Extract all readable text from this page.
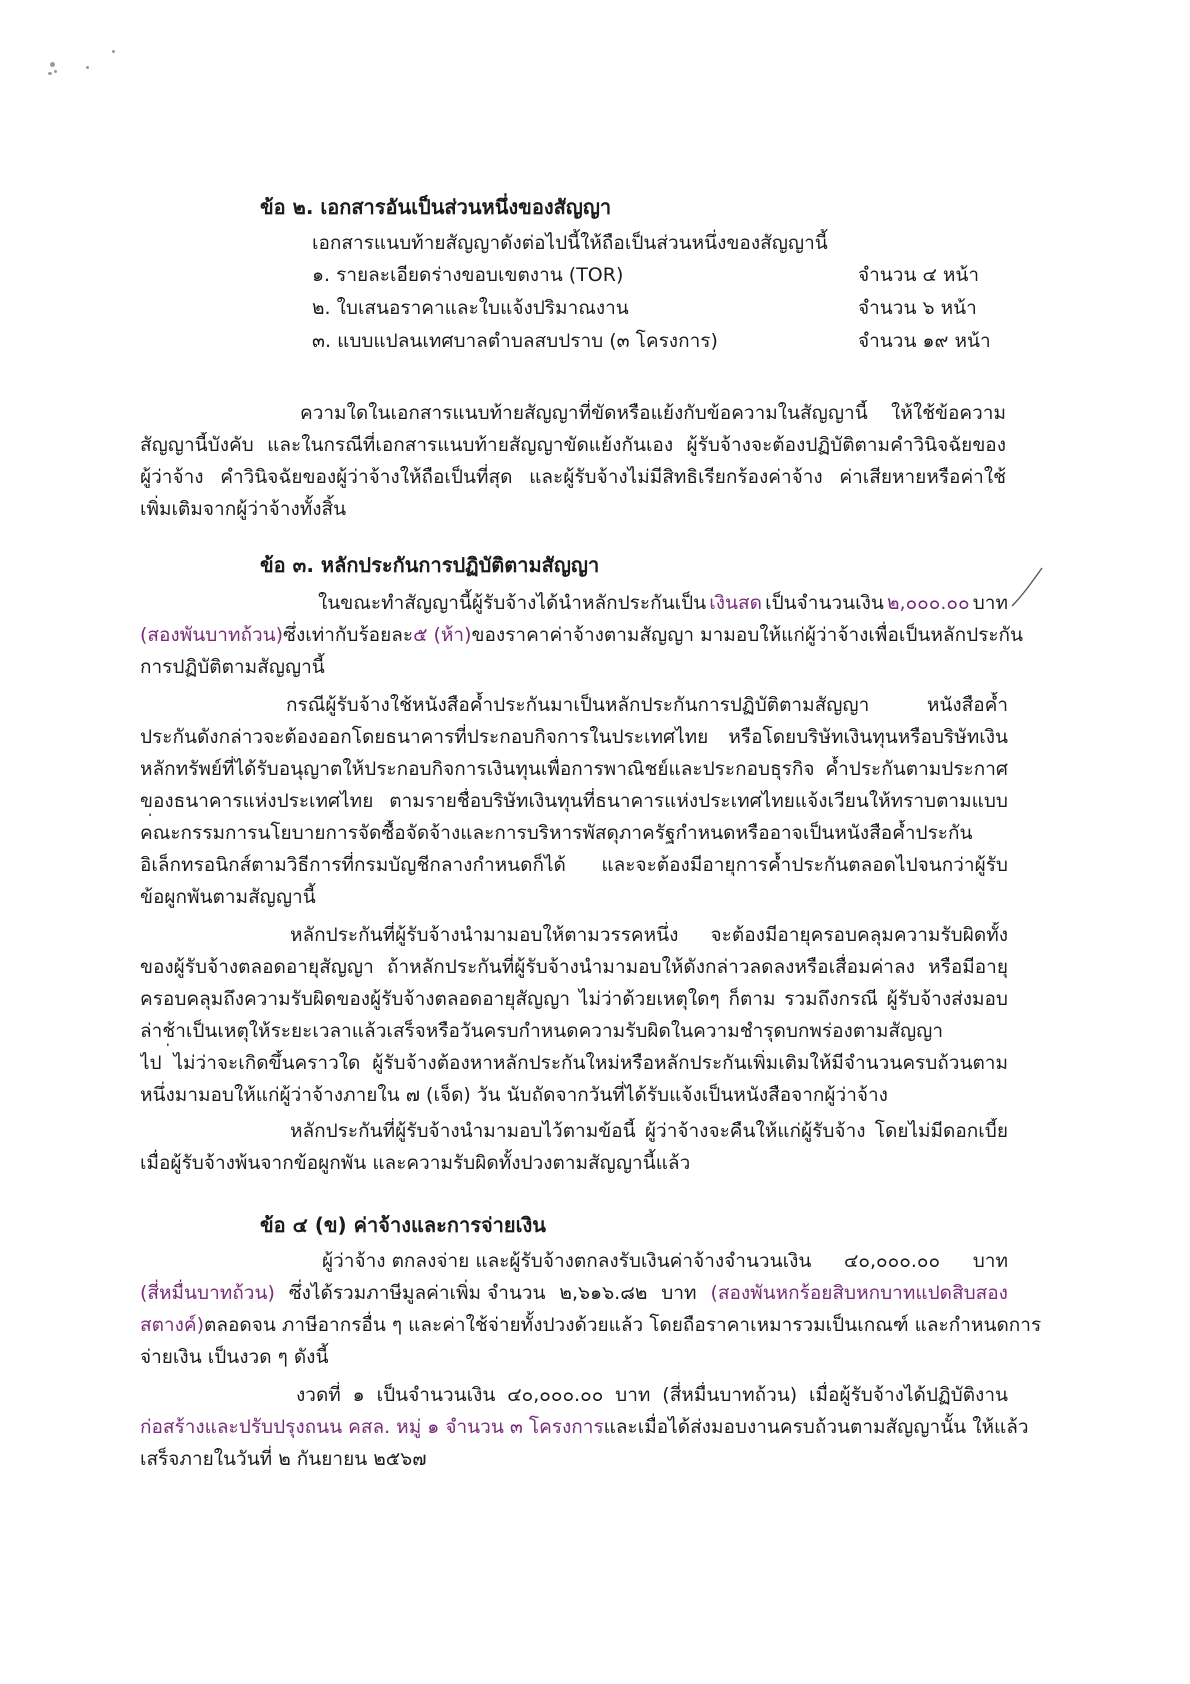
ข้อ ๒. เอกสารอันเป็นส่วนหนึ่งของสัญญา
เอกสารแนบท้ายสัญญาดังต่อไปนี้ให้ถือเป็นส่วนหนึ่งของสัญญานี้
๑. รายละเอียดร่างขอบเขตงาน (TOR)	จำนวน ๔ หน้า
๒. ใบเสนอราคาและใบแจ้งปริมาณงาน	จำนวน ๖ หน้า
๓. แบบแปลนเทศบาลตำบลสบปราบ (๓ โครงการ)	จำนวน ๑๙ หน้า
ความใดในเอกสารแนบท้ายสัญญาที่ขัดหรือแย้งกับข้อความในสัญญานี้ ให้ใช้ข้อความ
สัญญานี้บังคับ และในกรณีที่เอกสารแนบท้ายสัญญาขัดแย้งกันเอง ผู้รับจ้างจะต้องปฏิบัติตามคำวินิจฉัยของ
ผู้ว่าจ้าง คำวินิจฉัยของผู้ว่าจ้างให้ถือเป็นที่สุด และผู้รับจ้างไม่มีสิทธิเรียกร้องค่าจ้าง ค่าเสียหายหรือค่าใช้
เพิ่มเติมจากผู้ว่าจ้างทั้งสิ้น
ข้อ ๓. หลักประกันการปฏิบัติตามสัญญา
ในขณะทำสัญญานี้ผู้รับจ้างได้นำหลักประกันเป็น เงินสด เป็นจำนวนเงิน ๒,๐๐๐.๐๐ บาท
(สองพันบาทถ้วน) ซึ่งเท่ากับร้อยละ ๕ (ห้า) ของราคาค่าจ้างตามสัญญา มามอบให้แก่ผู้ว่าจ้างเพื่อเป็นหลักประกัน
การปฏิบัติตามสัญญานี้
กรณีผู้รับจ้างใช้หนังสือค้ำประกันมาเป็นหลักประกันการปฏิบัติตามสัญญา หนังสือค้ำ
ประกันดังกล่าวจะต้องออกโดยธนาคารที่ประกอบกิจการในประเทศไทย หรือโดยบริษัทเงินทุนหรือบริษัทเงิน
หลักทรัพย์ที่ได้รับอนุญาตให้ประกอบกิจการเงินทุนเพื่อการพาณิชย์และประกอบธุรกิจ ค้ำประกันตามประกาศ
ของธนาคารแห่งประเทศไทย ตามรายชื่อบริษัทเงินทุนที่ธนาคารแห่งประเทศไทยแจ้งเวียนให้ทราบตามแบบ
คณะกรรมการนโยบายการจัดซื้อจัดจ้างและการบริหารพัสดุภาครัฐกำหนดหรืออาจเป็นหนังสือค้ำประกัน
อิเล็กทรอนิกส์ตามวิธีการที่กรมบัญชีกลางกำหนดก็ได้ และจะต้องมีอายุการค้ำประกันตลอดไปจนกว่าผู้รับ
ข้อผูกพันตามสัญญานี้
หลักประกันที่ผู้รับจ้างนำมามอบให้ตามวรรคหนึ่ง จะต้องมีอายุครอบคลุมความรับผิดทั้ง
ของผู้รับจ้างตลอดอายุสัญญา ถ้าหลักประกันที่ผู้รับจ้างนำมามอบให้ดังกล่าวลดลงหรือเสื่อมค่าลง หรือมีอายุ
ครอบคลุมถึงความรับผิดของผู้รับจ้างตลอดอายุสัญญา ไม่ว่าด้วยเหตุใดๆ ก็ตาม รวมถึงกรณี ผู้รับจ้างส่งมอบ
ล่าช้าเป็นเหตุให้ระยะเวลาแล้วเสร็จหรือวันครบกำหนดความรับผิดในความชำรุดบกพร่องตามสัญญา
ไป ไม่ว่าจะเกิดขึ้นคราวใด ผู้รับจ้างต้องหาหลักประกันใหม่หรือหลักประกันเพิ่มเติมให้มีจำนวนครบถ้วนตาม
หนึ่งมามอบให้แก่ผู้ว่าจ้างภายใน ๗ (เจ็ด) วัน นับถัดจากวันที่ได้รับแจ้งเป็นหนังสือจากผู้ว่าจ้าง
หลักประกันที่ผู้รับจ้างนำมามอบไว้ตามข้อนี้ ผู้ว่าจ้างจะคืนให้แก่ผู้รับจ้าง โดยไม่มีดอกเบี้ย
เมื่อผู้รับจ้างพ้นจากข้อผูกพัน และความรับผิดทั้งปวงตามสัญญานี้แล้ว
ข้อ ๔ (ข) ค่าจ้างและการจ่ายเงิน
ผู้ว่าจ้าง ตกลงจ่าย และผู้รับจ้างตกลงรับเงินค่าจ้างจำนวนเงิน ๔๐,๐๐๐.๐๐ บาท
(สี่หมื่นบาทถ้วน) ซึ่งได้รวมภาษีมูลค่าเพิ่ม จำนวน ๒,๖๑๖.๘๒ บาท (สองพันหกร้อยสิบหกบาทแปดสิบสอง
สตางค์) ตลอดจน ภาษีอากรอื่น ๆ และค่าใช้จ่ายทั้งปวงด้วยแล้ว โดยถือราคาเหมารวมเป็นเกณฑ์ และกำหนดการ
จ่ายเงิน เป็นงวด ๆ ดังนี้
งวดที่ ๑ เป็นจำนวนเงิน ๔๐,๐๐๐.๐๐ บาท (สี่หมื่นบาทถ้วน) เมื่อผู้รับจ้างได้ปฏิบัติงาน
ก่อสร้างและปรับปรุงถนน คสล. หมู่ ๑ จำนวน ๓ โครงการ และเมื่อได้ส่งมอบงานครบถ้วนตามสัญญานั้น ให้แล้ว
เสร็จภายในวันที่ ๒ กันยายน ๒๕๖๗
